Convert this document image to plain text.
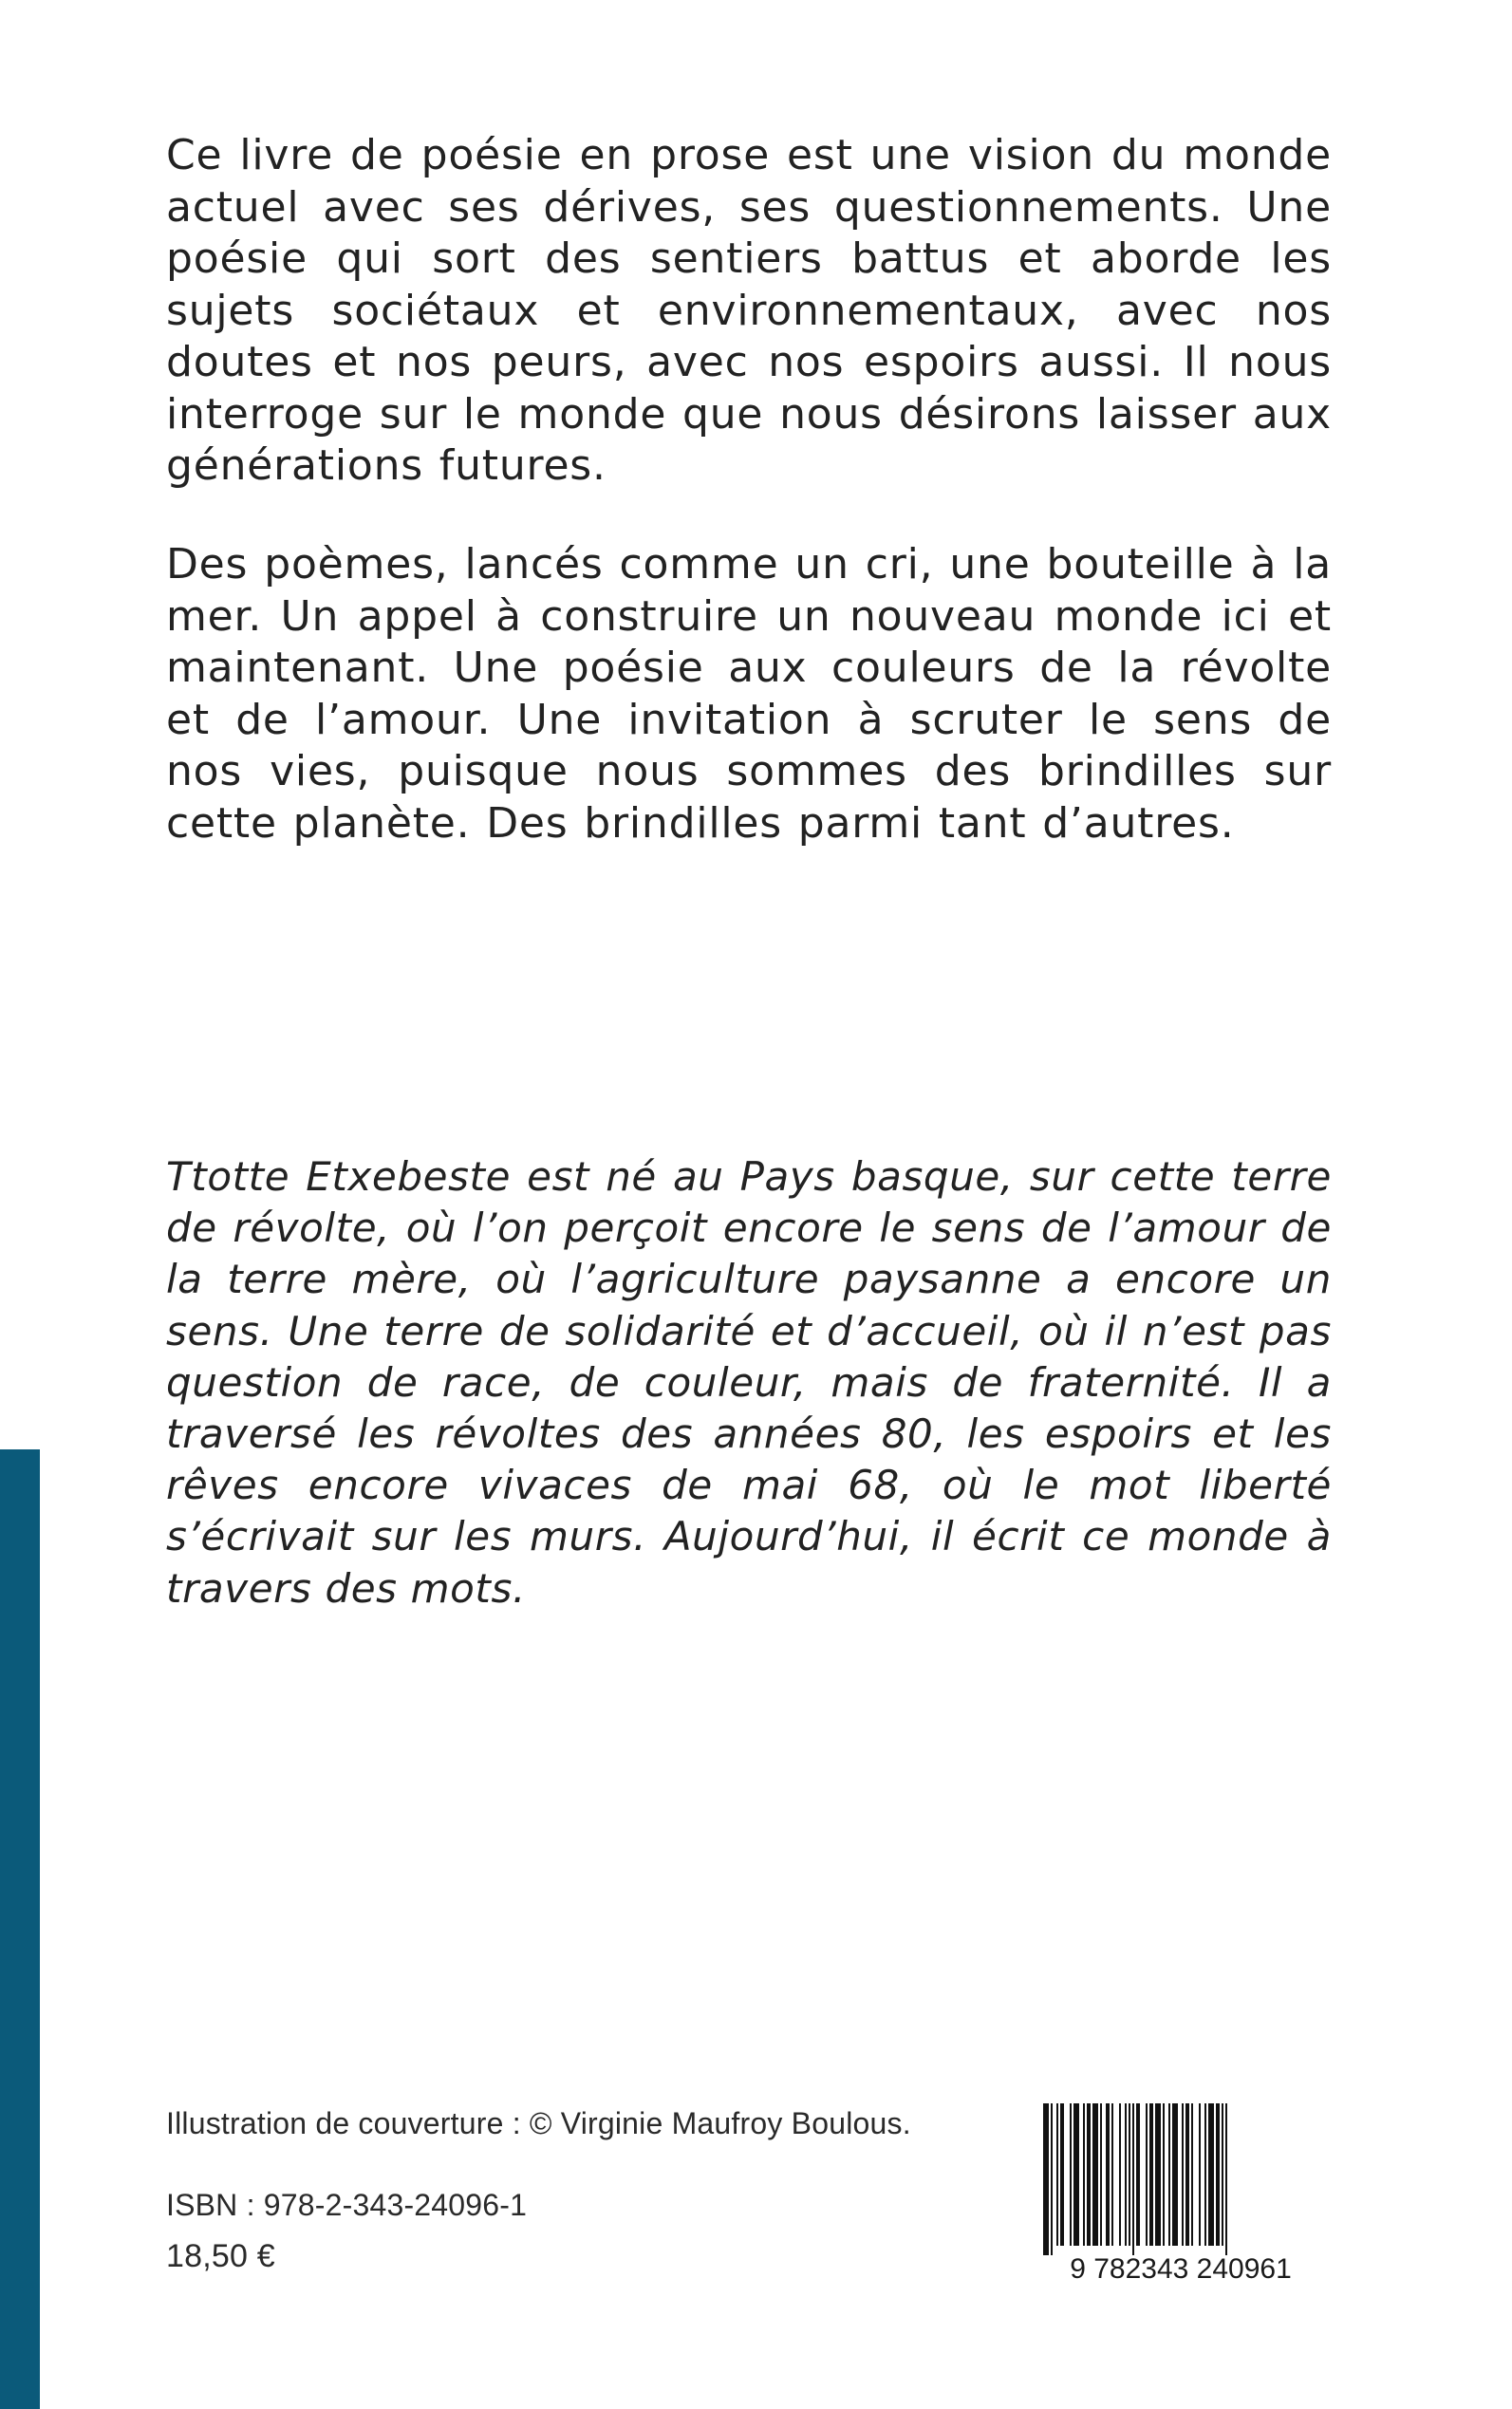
Ce livre de poésie en prose est une vision du monde actuel avec ses dérives, ses questionnements. Une poésie qui sort des sentiers battus et aborde les sujets sociétaux et environnementaux, avec nos doutes et nos peurs, avec nos espoirs aussi. Il nous interroge sur le monde que nous désirons laisser aux générations futures.

Des poèmes, lancés comme un cri, une bouteille à la mer. Un appel à construire un nouveau monde ici et maintenant. Une poésie aux couleurs de la révolte et de l’amour. Une invitation à scruter le sens de nos vies, puisque nous sommes des brindilles sur cette planète. Des brindilles parmi tant d’autres.

Ttotte Etxebeste est né au Pays basque, sur cette terre de révolte, où l’on perçoit encore le sens de l’amour de la terre mère, où l’agriculture paysanne a encore un sens. Une terre de solidarité et d’accueil, où il n’est pas question de race, de couleur, mais de fraternité. Il a traversé les révoltes des années 80, les espoirs et les rêves encore vivaces de mai 68, où le mot liberté s’écrivait sur les murs. Aujourd’hui, il écrit ce monde à travers des mots.

Illustration de couverture : © Virginie Maufroy Boulous.

ISBN : 978-2-343-24096-1

18,50 €	9 782343 240961
